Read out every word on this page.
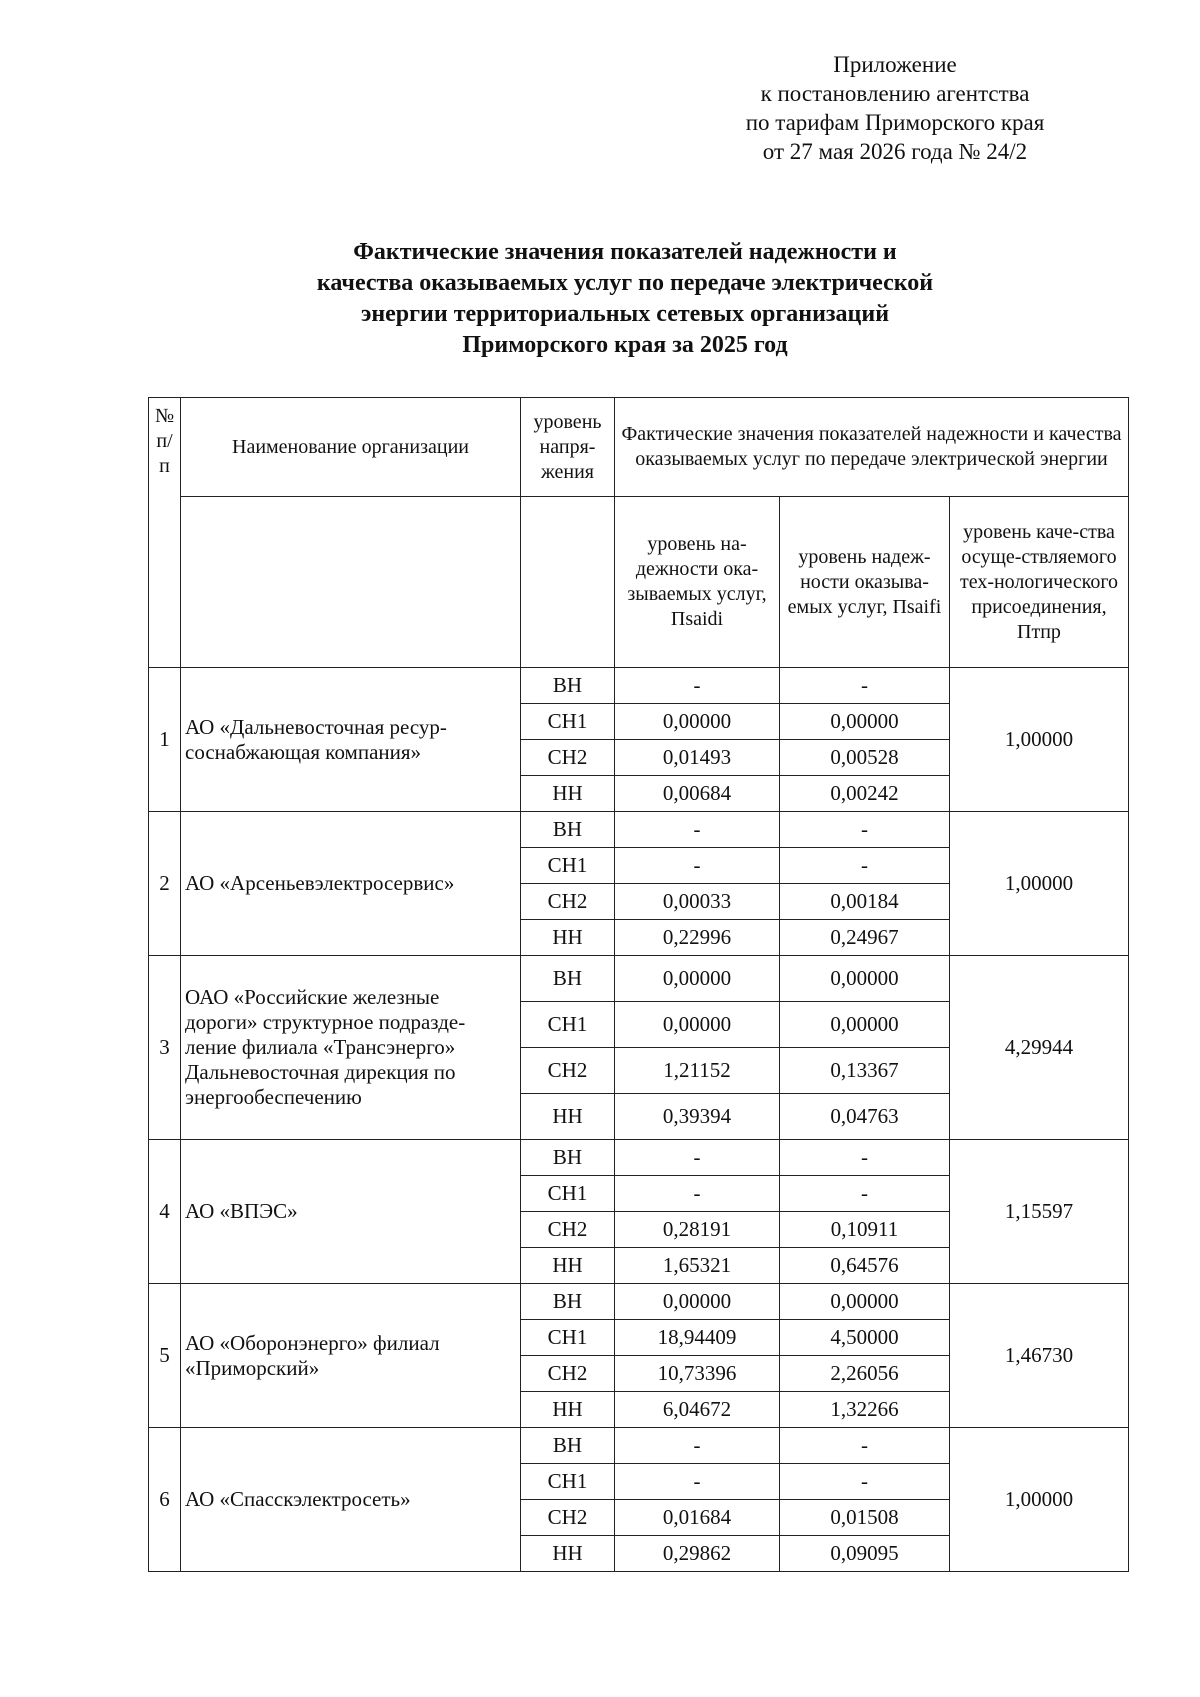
Приложение
к постановлению агентства
по тарифам Приморского края
от 27 мая 2026 года № 24/2
Фактические значения показателей надежности и
качества оказываемых услуг по передаче электрической
энергии территориальных сетевых организаций
Приморского края за 2025 год
№ п/п	Наименование организации	уровень напря-жения	Фактические значения показателей надежности и качества оказываемых услуг по передаче электрической энергии		
			уровень на-дежности ока-зываемых услуг, Пsaidi	уровень надеж-ности оказыва-емых услуг, Пsaifi	уровень каче-ства осуще-ствляемого тех-нологического присоединения, Птпр
1	АО «Дальневосточная ресур-соснабжающая компания»	ВН	-	-	1,00000
		СН1	0,00000	0,00000	
		СН2	0,01493	0,00528	
		НН	0,00684	0,00242	
2	АО «Арсеньевэлектросервис»	ВН	-	-	1,00000
		СН1	-	-	
		СН2	0,00033	0,00184	
		НН	0,22996	0,24967	
3	ОАО «Российские железные дороги» структурное подразде-ление филиала «Трансэнерго» Дальневосточная дирекция по энергообеспечению	ВН	0,00000	0,00000	4,29944
		СН1	0,00000	0,00000	
		СН2	1,21152	0,13367	
		НН	0,39394	0,04763	
4	АО «ВПЭС»	ВН	-	-	1,15597
		СН1	-	-	
		СН2	0,28191	0,10911	
		НН	1,65321	0,64576	
5	АО «Оборонэнерго» филиал «Приморский»	ВН	0,00000	0,00000	1,46730
		СН1	18,94409	4,50000	
		СН2	10,73396	2,26056	
		НН	6,04672	1,32266	
6	АО «Спасскэлектросеть»	ВН	-	-	1,00000
		СН1	-	-	
		СН2	0,01684	0,01508	
		НН	0,29862	0,09095	
